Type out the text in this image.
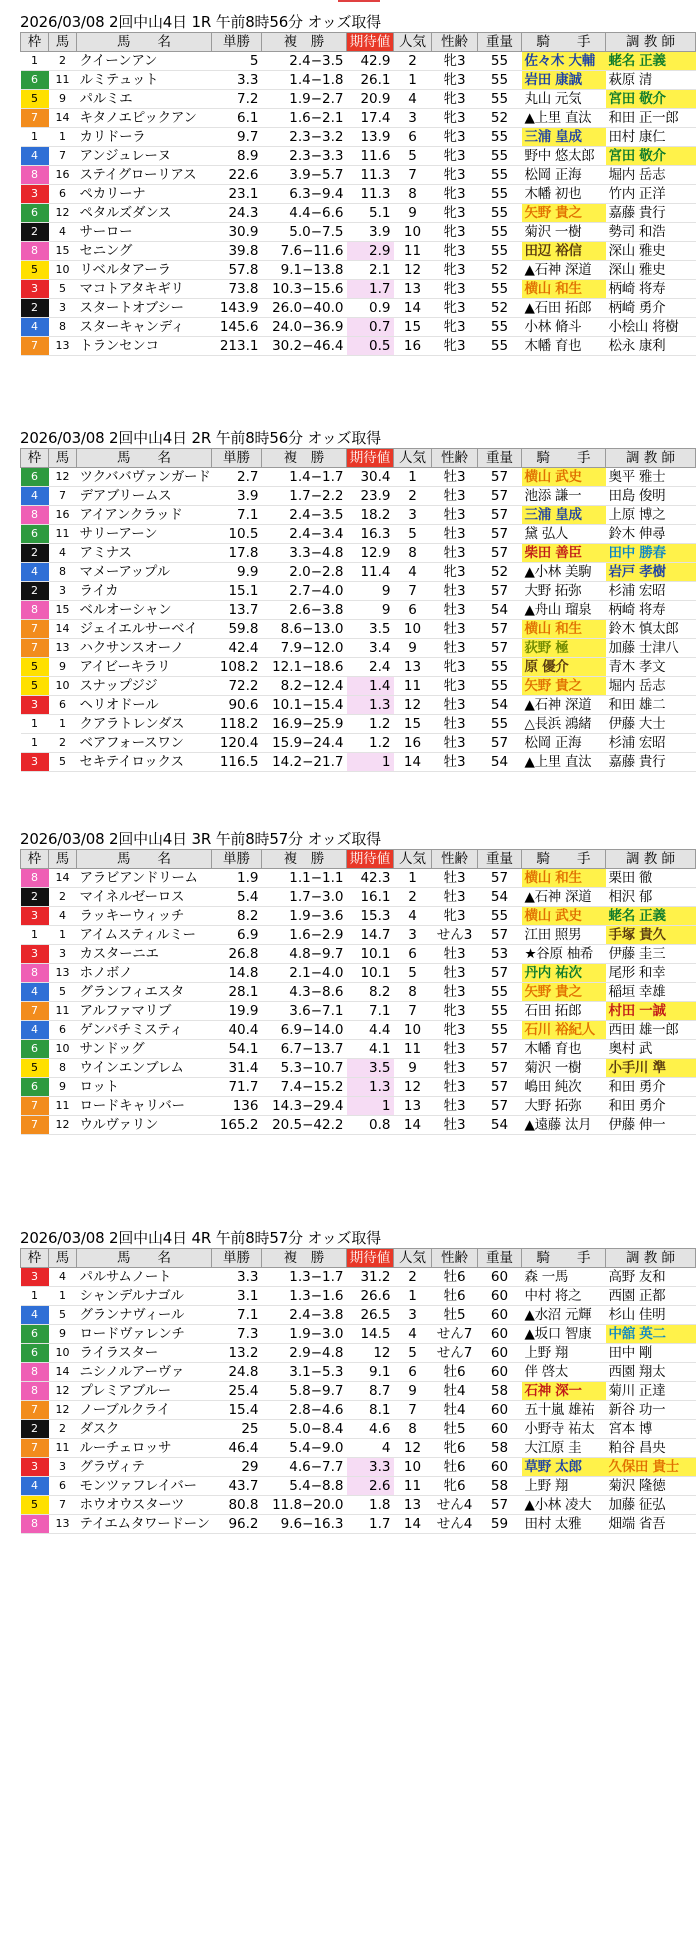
2026/03/08 2回中山4日 1R 午前8時56分 オッズ取得
枠	馬	馬　　名	単勝	複　勝	期待値	人気	性齢	重量	騎　　手	調 教 師
1	2	クイーンアン	5	2.4−3.5	42.9	2	牝3	55	佐々木 大輔	蛯名 正義
6	11	ルミテュット	3.3	1.4−1.8	26.1	1	牝3	55	岩田 康誠	萩原 清
5	9	パルミエ	7.2	1.9−2.7	20.9	4	牝3	55	丸山 元気	宮田 敬介
7	14	キタノエピックアン	6.1	1.6−2.1	17.4	3	牝3	52	▲上里 直汰	和田 正一郎
1	1	カリドーラ	9.7	2.3−3.2	13.9	6	牝3	55	三浦 皇成	田村 康仁
4	7	アンジュレーヌ	8.9	2.3−3.3	11.6	5	牝3	55	野中 悠太郎	宮田 敬介
8	16	ステイグローリアス	22.6	3.9−5.7	11.3	7	牝3	55	松岡 正海	堀内 岳志
3	6	ペカリーナ	23.1	6.3−9.4	11.3	8	牝3	55	木幡 初也	竹内 正洋
6	12	ペタルズダンス	24.3	4.4−6.6	5.1	9	牝3	55	矢野 貴之	嘉藤 貴行
2	4	サーロー	30.9	5.0−7.5	3.9	10	牝3	55	菊沢 一樹	勢司 和浩
8	15	セニング	39.8	7.6−11.6	2.9	11	牝3	55	田辺 裕信	深山 雅史
5	10	リベルタアーラ	57.8	9.1−13.8	2.1	12	牝3	52	▲石神 深道	深山 雅史
3	5	マコトアタキギリ	73.8	10.3−15.6	1.7	13	牝3	55	横山 和生	柄崎 将寿
2	3	スタートオブシー	143.9	26.0−40.0	0.9	14	牝3	52	▲石田 拓郎	柄崎 勇介
4	8	スターキャンディ	145.6	24.0−36.9	0.7	15	牝3	55	小林 脩斗	小桧山 将樹
7	13	トランセンコ	213.1	30.2−46.4	0.5	16	牝3	55	木幡 育也	松永 康利
2026/03/08 2回中山4日 2R 午前8時56分 オッズ取得
枠	馬	馬　　名	単勝	複　勝	期待値	人気	性齢	重量	騎　　手	調 教 師
6	12	ツクババヴァンガード	2.7	1.4−1.7	30.4	1	牡3	57	横山 武史	奥平 雅士
4	7	デアブリームス	3.9	1.7−2.2	23.9	2	牡3	57	池添 謙一	田島 俊明
8	16	アイアンクラッド	7.1	2.4−3.5	18.2	3	牡3	57	三浦 皇成	上原 博之
6	11	サリーアーン	10.5	2.4−3.4	16.3	5	牡3	57	黛 弘人	鈴木 伸尋
2	4	アミナス	17.8	3.3−4.8	12.9	8	牡3	57	柴田 善臣	田中 勝春
4	8	マメーアップル	9.9	2.0−2.8	11.4	4	牝3	52	▲小林 美駒	岩戸 孝樹
2	3	ライカ	15.1	2.7−4.0	9	7	牡3	57	大野 拓弥	杉浦 宏昭
8	15	ベルオーシャン	13.7	2.6−3.8	9	6	牡3	54	▲舟山 瑠泉	柄崎 将寿
7	14	ジェイエルサーベイ	59.8	8.6−13.0	3.5	10	牡3	57	横山 和生	鈴木 慎太郎
7	13	ハクサンスオーノ	42.4	7.9−12.0	3.4	9	牡3	57	荻野 極	加藤 士津八
5	9	アイビーキラリ	108.2	12.1−18.6	2.4	13	牝3	55	原 優介	青木 孝文
5	10	スナップジジ	72.2	8.2−12.4	1.4	11	牝3	55	矢野 貴之	堀内 岳志
3	6	ヘリオドール	90.6	10.1−15.4	1.3	12	牡3	54	▲石神 深道	和田 雄二
1	1	クアラトレンダス	118.2	16.9−25.9	1.2	15	牡3	55	△長浜 鴻緒	伊藤 大士
1	2	ベアフォースワン	120.4	15.9−24.4	1.2	16	牡3	57	松岡 正海	杉浦 宏昭
3	5	セキテイロックス	116.5	14.2−21.7	1	14	牡3	54	▲上里 直汰	嘉藤 貴行
2026/03/08 2回中山4日 3R 午前8時57分 オッズ取得
枠	馬	馬　　名	単勝	複　勝	期待値	人気	性齢	重量	騎　　手	調 教 師
8	14	アラビアンドリーム	1.9	1.1−1.1	42.3	1	牡3	57	横山 和生	栗田 徹
2	2	マイネルゼーロス	5.4	1.7−3.0	16.1	2	牡3	54	▲石神 深道	相沢 郁
3	4	ラッキーウィッチ	8.2	1.9−3.6	15.3	4	牝3	55	横山 武史	蛯名 正義
1	1	アイムスティルミー	6.9	1.6−2.9	14.7	3	せん3	57	江田 照男	手塚 貴久
3	3	カスターニエ	26.8	4.8−9.7	10.1	6	牡3	53	★谷原 柚希	伊藤 圭三
8	13	ホノボノ	14.8	2.1−4.0	10.1	5	牡3	57	丹内 祐次	尾形 和幸
4	5	グランフィエスタ	28.1	4.3−8.6	8.2	8	牡3	55	矢野 貴之	稲垣 幸雄
7	11	アルファマリブ	19.9	3.6−7.1	7.1	7	牝3	55	石田 拓郎	村田 一誠
4	6	ゲンパチミスティ	40.4	6.9−14.0	4.4	10	牝3	55	石川 裕紀人	西田 雄一郎
6	10	サンドッグ	54.1	6.7−13.7	4.1	11	牡3	57	木幡 育也	奥村 武
5	8	ウインエンブレム	31.4	5.3−10.7	3.5	9	牡3	57	菊沢 一樹	小手川 準
6	9	ロット	71.7	7.4−15.2	1.3	12	牡3	57	嶋田 純次	和田 勇介
7	11	ロードキャリバー	136	14.3−29.4	1	13	牡3	57	大野 拓弥	和田 勇介
7	12	ウルヴァリン	165.2	20.5−42.2	0.8	14	牡3	54	▲遠藤 汰月	伊藤 伸一
2026/03/08 2回中山4日 4R 午前8時57分 オッズ取得
枠	馬	馬　　名	単勝	複　勝	期待値	人気	性齢	重量	騎　　手	調 教 師
3	4	パルサムノート	3.3	1.3−1.7	31.2	2	牡6	60	森 一馬	高野 友和
1	1	シャンデルナゴル	3.1	1.3−1.6	26.6	1	牡6	60	中村 将之	西園 正都
4	5	グランナヴィール	7.1	2.4−3.8	26.5	3	牡5	60	▲水沼 元輝	杉山 佳明
6	9	ロードヴァレンチ	7.3	1.9−3.0	14.5	4	せん7	60	▲坂口 智康	中舘 英二
6	10	ライラスター	13.2	2.9−4.8	12	5	せん7	60	上野 翔	田中 剛
8	14	ニシノルアーヴァ	24.8	3.1−5.3	9.1	6	牡6	60	伴 啓太	西園 翔太
8	12	プレミアブルー	25.4	5.8−9.7	8.7	9	牡4	58	石神 深一	菊川 正達
7	12	ノーブルクライ	15.4	2.8−4.6	8.1	7	牡4	60	五十嵐 雄祐	新谷 功一
2	2	ダスク	25	5.0−8.4	4.6	8	牡5	60	小野寺 祐太	宮本 博
7	11	ルーチェロッサ	46.4	5.4−9.0	4	12	牝6	58	大江原 圭	粕谷 昌央
3	3	グラヴィテ	29	4.6−7.7	3.3	10	牡6	60	草野 太郎	久保田 貴士
4	6	モンツァフレイバー	43.7	5.4−8.8	2.6	11	牝6	58	上野 翔	菊沢 隆徳
5	7	ホウオウスターツ	80.8	11.8−20.0	1.8	13	せん4	57	▲小林 凌大	加藤 征弘
8	13	テイエムタワードーン	96.2	9.6−16.3	1.7	14	せん4	59	田村 太雅	畑端 省吾
